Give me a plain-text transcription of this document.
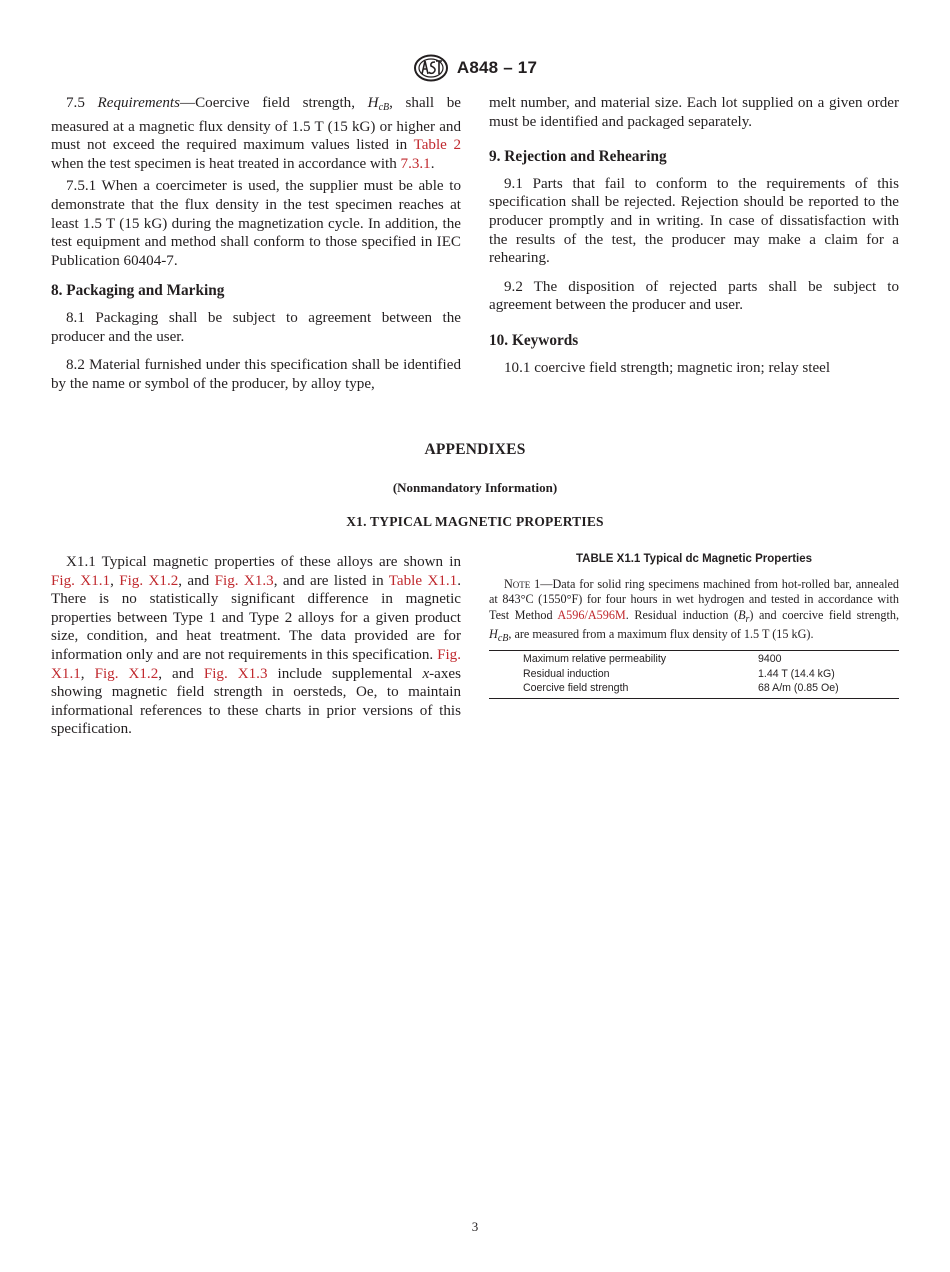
A848 – 17

7.5 Requirements—Coercive field strength, $H_{cB}$, shall be measured at a magnetic flux density of 1.5 T (15 kG) or higher and must not exceed the required maximum values listed in Table 2 when the test specimen is heat treated in accordance with 7.3.1.

7.5.1 When a coercimeter is used, the supplier must be able to demonstrate that the flux density in the test specimen reaches at least 1.5 T (15 kG) during the magnetization cycle. In addition, the test equipment and method shall conform to those specified in IEC Publication 60404-7.

8. Packaging and Marking

8.1 Packaging shall be subject to agreement between the producer and the user.

8.2 Material furnished under this specification shall be identified by the name or symbol of the producer, by alloy type,

melt number, and material size. Each lot supplied on a given order must be identified and packaged separately.

9. Rejection and Rehearing

9.1 Parts that fail to conform to the requirements of this specification shall be rejected. Rejection should be reported to the producer promptly and in writing. In case of dissatisfaction with the results of the test, the producer may make a claim for a rehearing.

9.2 The disposition of rejected parts shall be subject to agreement between the producer and user.

10. Keywords

10.1 coercive field strength; magnetic iron; relay steel

APPENDIXES
(Nonmandatory Information)
X1. TYPICAL MAGNETIC PROPERTIES

X1.1 Typical magnetic properties of these alloys are shown in Fig. X1.1, Fig. X1.2, and Fig. X1.3, and are listed in Table X1.1. There is no statistically significant difference in magnetic properties between Type 1 and Type 2 alloys for a given product size, condition, and heat treatment. The data provided are for information only and are not requirements in this specification. Fig. X1.1, Fig. X1.2, and Fig. X1.3 include supplemental x-axes showing magnetic field strength in oersteds, Oe, to maintain informational references to these charts in prior versions of this specification.

TABLE X1.1 Typical dc Magnetic Properties

Note 1—Data for solid ring specimens machined from hot-rolled bar, annealed at 843°C (1550°F) for four hours in wet hydrogen and tested in accordance with Test Method A596/A596M. Residual induction $(B_r)$ and coercive field strength, $H_{cB}$, are measured from a maximum flux density of 1.5 T (15 kG).

Maximum relative permeability	9400
Residual induction	1.44 T (14.4 kG)
Coercive field strength	68 A/m (0.85 Oe)
3
